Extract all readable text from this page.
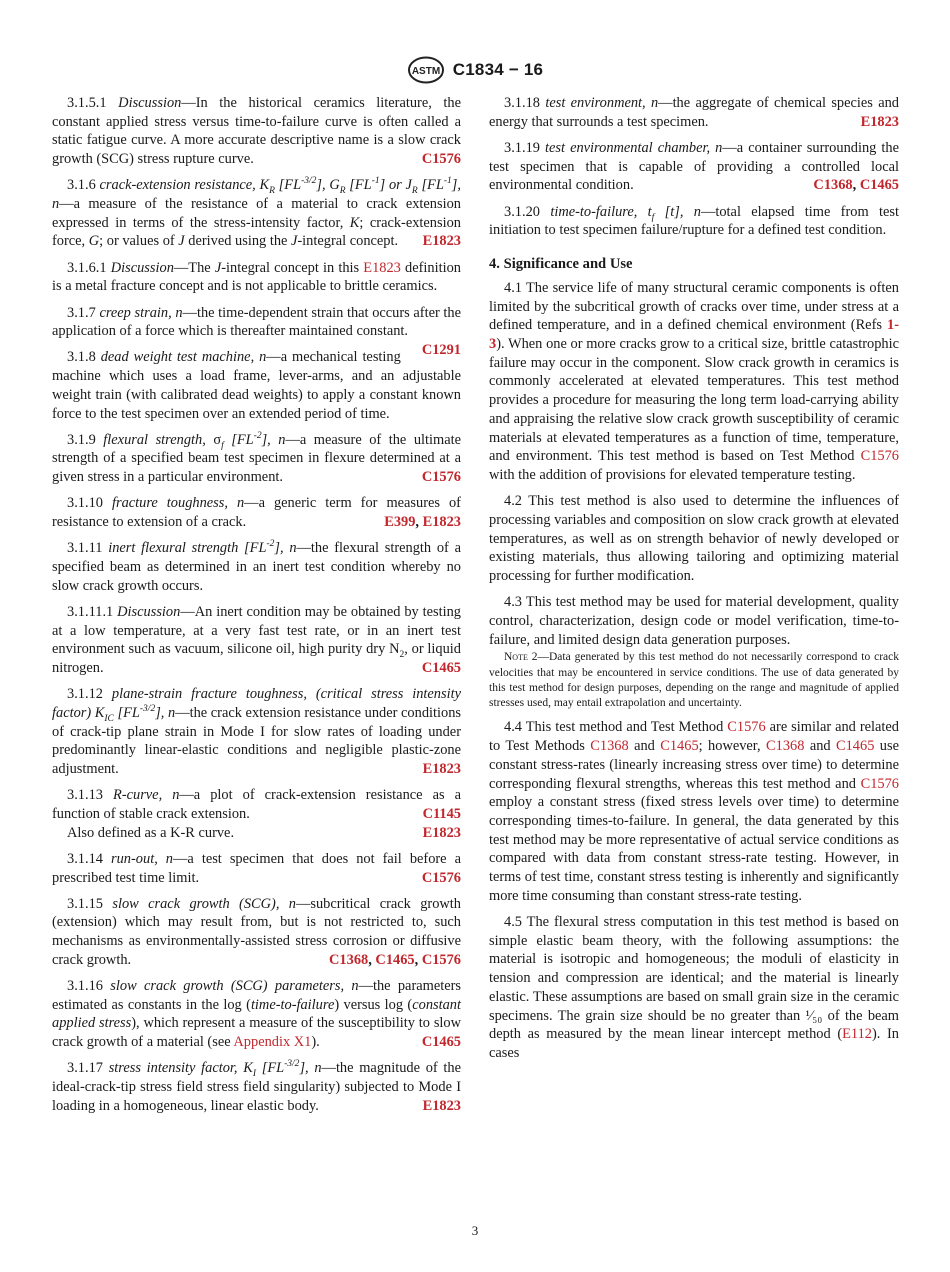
ASTM C1834 − 16

3.1.5.1 Discussion—In the historical ceramics literature, the constant applied stress versus time-to-failure curve is often called a static fatigue curve. A more accurate descriptive name is a slow crack growth (SCG) stress rupture curve.	C1576

3.1.6 crack-extension resistance, $K_R$ $[FL^{-3/2}]$, $G_R$ $[FL^{-1}]$ or $J_R$ $[FL^{-1}]$, n—a measure of the resistance of a material to crack extension expressed in terms of the stress-intensity factor, K; crack-extension force, G; or values of J derived using the J-integral concept.	E1823

3.1.6.1 Discussion—The J-integral concept in this E1823 definition is a metal fracture concept and is not applicable to brittle ceramics.

3.1.7 creep strain, n—the time-dependent strain that occurs after the application of a force which is thereafter maintained constant.
C1291

3.1.8 dead weight test machine, n—a mechanical testing machine which uses a load frame, lever-arms, and an adjustable weight train (with calibrated dead weights) to apply a constant known force to the test specimen over an extended period of time.

3.1.9 flexural strength, $\sigma_f$ $[FL^{-2}]$, n—a measure of the ultimate strength of a specified beam test specimen in flexure determined at a given stress in a particular environment.	C1576

3.1.10 fracture toughness, n—a generic term for measures of resistance to extension of a crack.	E399, E1823

3.1.11 inert flexural strength $[FL^{-2}]$, n—the flexural strength of a specified beam as determined in an inert test condition whereby no slow crack growth occurs.

3.1.11.1 Discussion—An inert condition may be obtained by testing at a low temperature, at a very fast test rate, or in an inert test environment such as vacuum, silicone oil, high purity dry $N_2$, or liquid nitrogen.	C1465

3.1.12 plane-strain fracture toughness, (critical stress intensity factor) $K_{IC}$ $[FL^{-3/2}]$, n—the crack extension resistance under conditions of crack-tip plane strain in Mode I for slow rates of loading under predominantly linear-elastic conditions and negligible plastic-zone adjustment.	E1823

3.1.13 R-curve, n—a plot of crack-extension resistance as a function of stable crack extension.	C1145

Also defined as a K-R curve.	E1823

3.1.14 run-out, n—a test specimen that does not fail before a prescribed test time limit.	C1576

3.1.15 slow crack growth (SCG), n—subcritical crack growth (extension) which may result from, but is not restricted to, such mechanisms as environmentally-assisted stress corrosion or diffusive crack growth.	C1368, C1465, C1576

3.1.16 slow crack growth (SCG) parameters, n—the parameters estimated as constants in the log (time-to-failure) versus log (constant applied stress), which represent a measure of the susceptibility to slow crack growth of a material (see Appendix X1).	C1465

3.1.17 stress intensity factor, $K_I$ $[FL^{-3/2}]$, n—the magnitude of the ideal-crack-tip stress field stress field singularity) subjected to Mode I loading in a homogeneous, linear elastic body.	E1823

3.1.18 test environment, n—the aggregate of chemical species and energy that surrounds a test specimen.	E1823

3.1.19 test environmental chamber, n—a container surrounding the test specimen that is capable of providing a controlled local environmental condition.	C1368, C1465

3.1.20 time-to-failure, $t_f$ [t], n—total elapsed time from test initiation to test specimen failure/rupture for a defined test condition.

4. Significance and Use

4.1 The service life of many structural ceramic components is often limited by the subcritical growth of cracks over time, under stress at a defined temperature, and in a defined chemical environment (Refs 1-3). When one or more cracks grow to a critical size, brittle catastrophic failure may occur in the component. Slow crack growth in ceramics is commonly accelerated at elevated temperatures. This test method provides a procedure for measuring the long term load-carrying ability and appraising the relative slow crack growth susceptibility of ceramic materials at elevated temperatures as a function of time, temperature, and environment. This test method is based on Test Method C1576 with the addition of provisions for elevated temperature testing.

4.2 This test method is also used to determine the influences of processing variables and composition on slow crack growth at elevated temperatures, as well as on strength behavior of newly developed or existing materials, thus allowing tailoring and optimizing material processing for further modification.

4.3 This test method may be used for material development, quality control, characterization, design code or model verification, time-to-failure, and limited design data generation purposes.

Note 2—Data generated by this test method do not necessarily correspond to crack velocities that may be encountered in service conditions. The use of data generated by this test method for design purposes, depending on the range and magnitude of applied stresses used, may entail extrapolation and uncertainty.

4.4 This test method and Test Method C1576 are similar and related to Test Methods C1368 and C1465; however, C1368 and C1465 use constant stress-rates (linearly increasing stress over time) to determine corresponding flexural strengths, whereas this test method and C1576 employ a constant stress (fixed stress levels over time) to determine corresponding times-to-failure. In general, the data generated by this test method may be more representative of actual service conditions as compared with data from constant stress-rate testing. However, in terms of test time, constant stress testing is inherently and significantly more time consuming than constant stress-rate testing.

4.5 The flexural stress computation in this test method is based on simple elastic beam theory, with the following assumptions: the material is isotropic and homogeneous; the moduli of elasticity in tension and compression are identical; and the material is linearly elastic. These assumptions are based on small grain size in the ceramic specimens. The grain size should be no greater than ¹⁄₅₀ of the beam depth as measured by the mean linear intercept method (E112). In cases

3
